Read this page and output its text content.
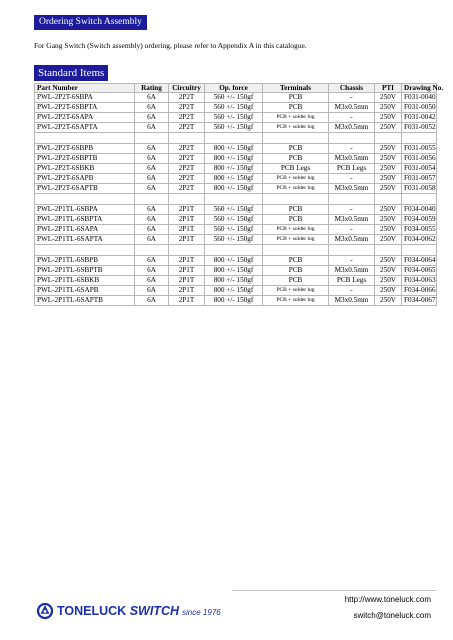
Ordering Switch Assembly
For Gang Switch (Switch assembly) ordering, please refer to Appendix A in this catalogue.
Standard Items
Part Number	Rating	Circuitry	Op. force	Terminals	Chassis	PTI	Drawing No.
PWL-2P2T-6SBPA	6A	2P2T	560 +/- 150gf	PCB	-	250V	F031-0040
PWL-2P2T-6SBPTA	6A	2P2T	560 +/- 150gf	PCB	M3x0.5mm	250V	F031-0050
PWL-2P2T-6SAPA	6A	2P2T	560 +/- 150gf	PCB + solder lug	-	250V	F031-0042
PWL-2P2T-6SAPTA	6A	2P2T	560 +/- 150gf	PCB + solder lug	M3x0.5mm	250V	F031-0052

PWL-2P2T-6SBPB	6A	2P2T	800 +/- 150gf	PCB	-	250V	F031-0055
PWL-2P2T-6SBPTB	6A	2P2T	800 +/- 150gf	PCB	M3x0.5mm	250V	F031-0056
PWL-2P2T-6SBKB	6A	2P2T	800 +/- 150gf	PCB Legs	PCB Legs	250V	F031-0054
PWL-2P2T-6SAPB	6A	2P2T	800 +/- 150gf	PCB + solder lug	-	250V	F031-0057
PWL-2P2T-6SAPTB	6A	2P2T	800 +/- 150gf	PCB + solder lug	M3x0.5mm	250V	F031-0058

PWL-2P1TL-6SBPA	6A	2P1T	560 +/- 150gf	PCB	-	250V	F034-0040
PWL-2P1TL-6SBPTA	6A	2P1T	560 +/- 150gf	PCB	M3x0.5mm	250V	F034-0059
PWL-2P1TL-6SAPA	6A	2P1T	560 +/- 150gf	PCB + solder lug	-	250V	F034-0055
PWL-2P1TL-6SAPTA	6A	2P1T	560 +/- 150gf	PCB + solder lug	M3x0.5mm	250V	F034-0062

PWL-2P1TL-6SBPB	6A	2P1T	800 +/- 150gf	PCB	-	250V	F034-0064
PWL-2P1TL-6SBPTB	6A	2P1T	800 +/- 150gf	PCB	M3x0.5mm	250V	F034-0065
PWL-2P1TL-6SBKB	6A	2P1T	800 +/- 150gf	PCB	PCB Legs	250V	F034-0063
PWL-2P1TL-6SAPB	6A	2P1T	800 +/- 150gf	PCB + solder lug	-	250V	F034-0066
PWL-2P1TL-6SAPTB	6A	2P1T	800 +/- 150gf	PCB + solder lug	M3x0.5mm	250V	F034-0067
TONELUCK SWITCH since 1976
http://www.toneluck.com
switch@toneluck.com
